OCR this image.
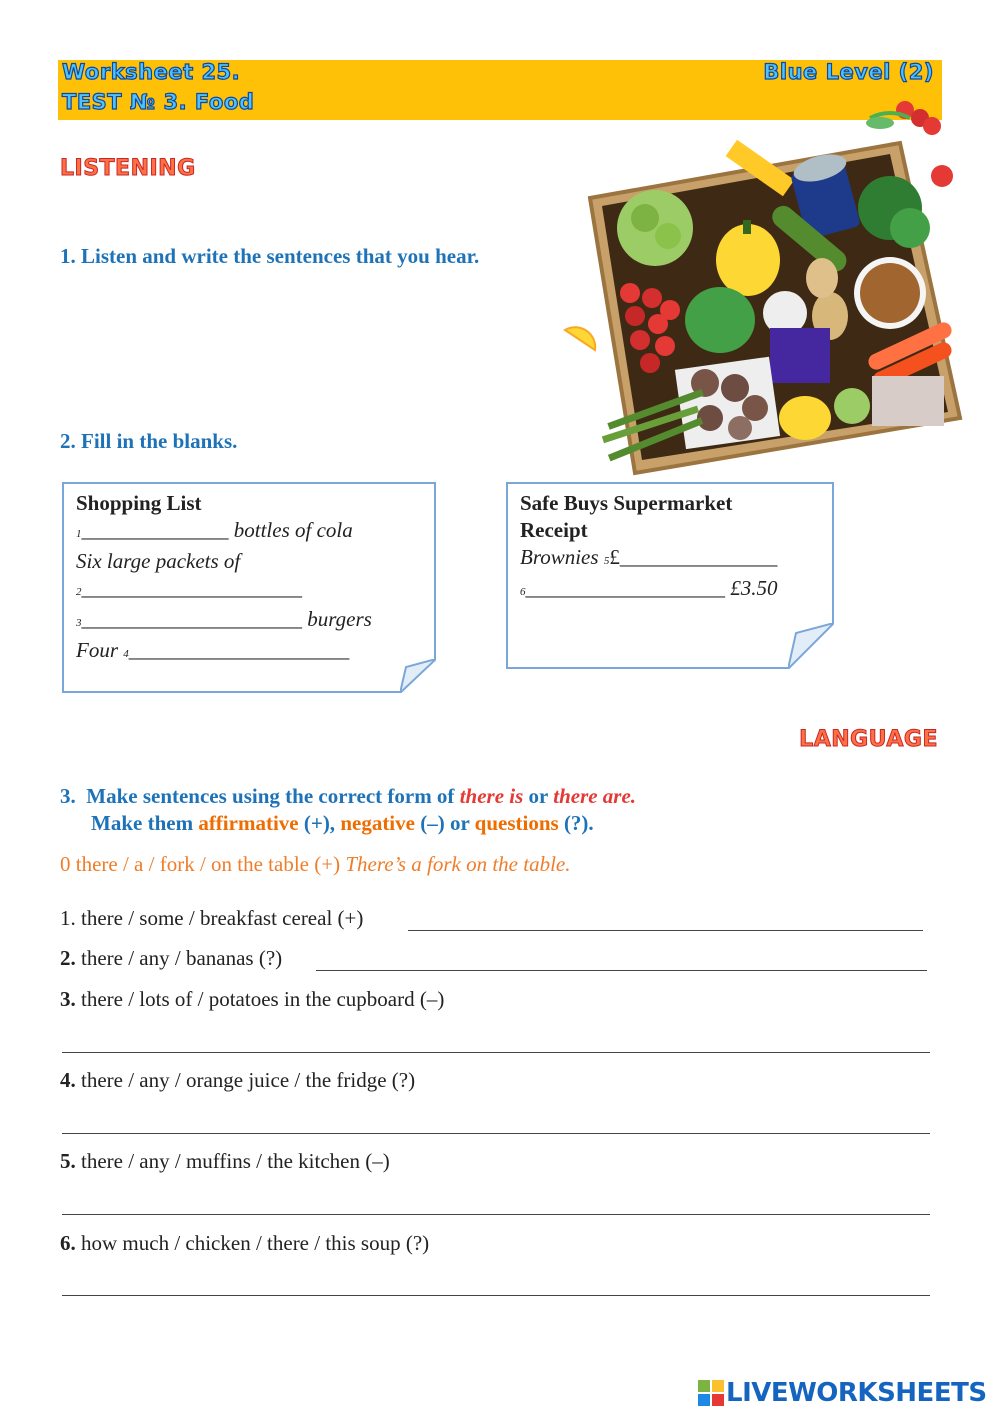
Worksheet 25.
TEST № 3. Food
Blue Level (2)
LISTENING
1. Listen and write the sentences that you hear.
2. Fill in the blanks.
Shopping List
1______________ bottles of cola
Six large packets of
2_____________________
3_____________________ burgers
Four 4_____________________
Safe Buys Supermarket
Receipt
Brownies 5£_______________
6___________________ £3.50
LANGUAGE
3. Make sentences using the correct form of there is or there are.
Make them affirmative (+), negative (–) or questions (?).
0 there / a / fork / on the table (+) There’s a fork on the table.
1. there / some / breakfast cereal (+)
2. there / any / bananas (?)
3. there / lots of / potatoes in the cupboard (–)
4. there / any / orange juice / the fridge (?)
5. there / any / muffins / the kitchen (–)
6. how much / chicken / there / this soup (?)
LIVEWORKSHEETS
